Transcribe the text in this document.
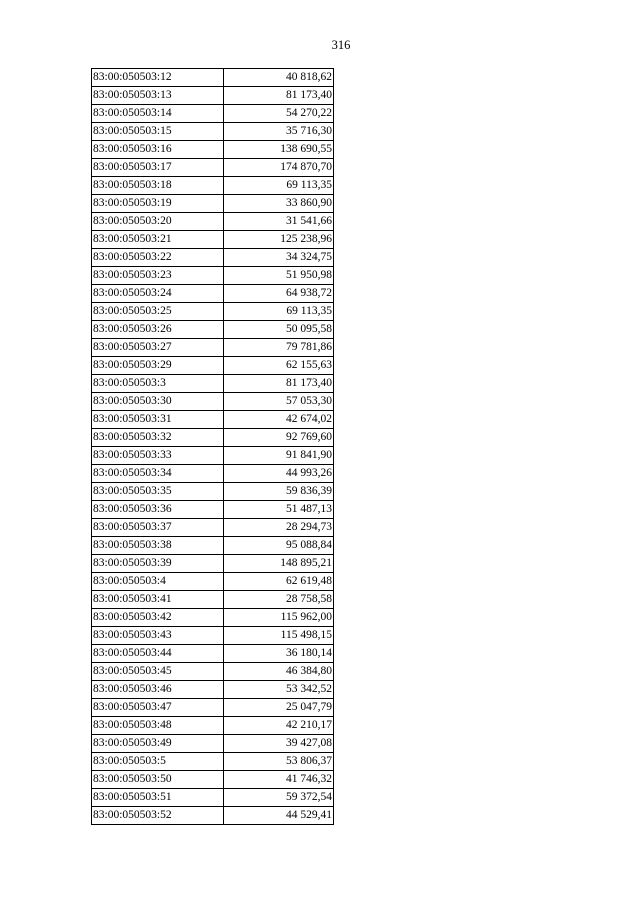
316
83:00:050503:12	40 818,62
83:00:050503:13	81 173,40
83:00:050503:14	54 270,22
83:00:050503:15	35 716,30
83:00:050503:16	138 690,55
83:00:050503:17	174 870,70
83:00:050503:18	69 113,35
83:00:050503:19	33 860,90
83:00:050503:20	31 541,66
83:00:050503:21	125 238,96
83:00:050503:22	34 324,75
83:00:050503:23	51 950,98
83:00:050503:24	64 938,72
83:00:050503:25	69 113,35
83:00:050503:26	50 095,58
83:00:050503:27	79 781,86
83:00:050503:29	62 155,63
83:00:050503:3	81 173,40
83:00:050503:30	57 053,30
83:00:050503:31	42 674,02
83:00:050503:32	92 769,60
83:00:050503:33	91 841,90
83:00:050503:34	44 993,26
83:00:050503:35	59 836,39
83:00:050503:36	51 487,13
83:00:050503:37	28 294,73
83:00:050503:38	95 088,84
83:00:050503:39	148 895,21
83:00:050503:4	62 619,48
83:00:050503:41	28 758,58
83:00:050503:42	115 962,00
83:00:050503:43	115 498,15
83:00:050503:44	36 180,14
83:00:050503:45	46 384,80
83:00:050503:46	53 342,52
83:00:050503:47	25 047,79
83:00:050503:48	42 210,17
83:00:050503:49	39 427,08
83:00:050503:5	53 806,37
83:00:050503:50	41 746,32
83:00:050503:51	59 372,54
83:00:050503:52	44 529,41
